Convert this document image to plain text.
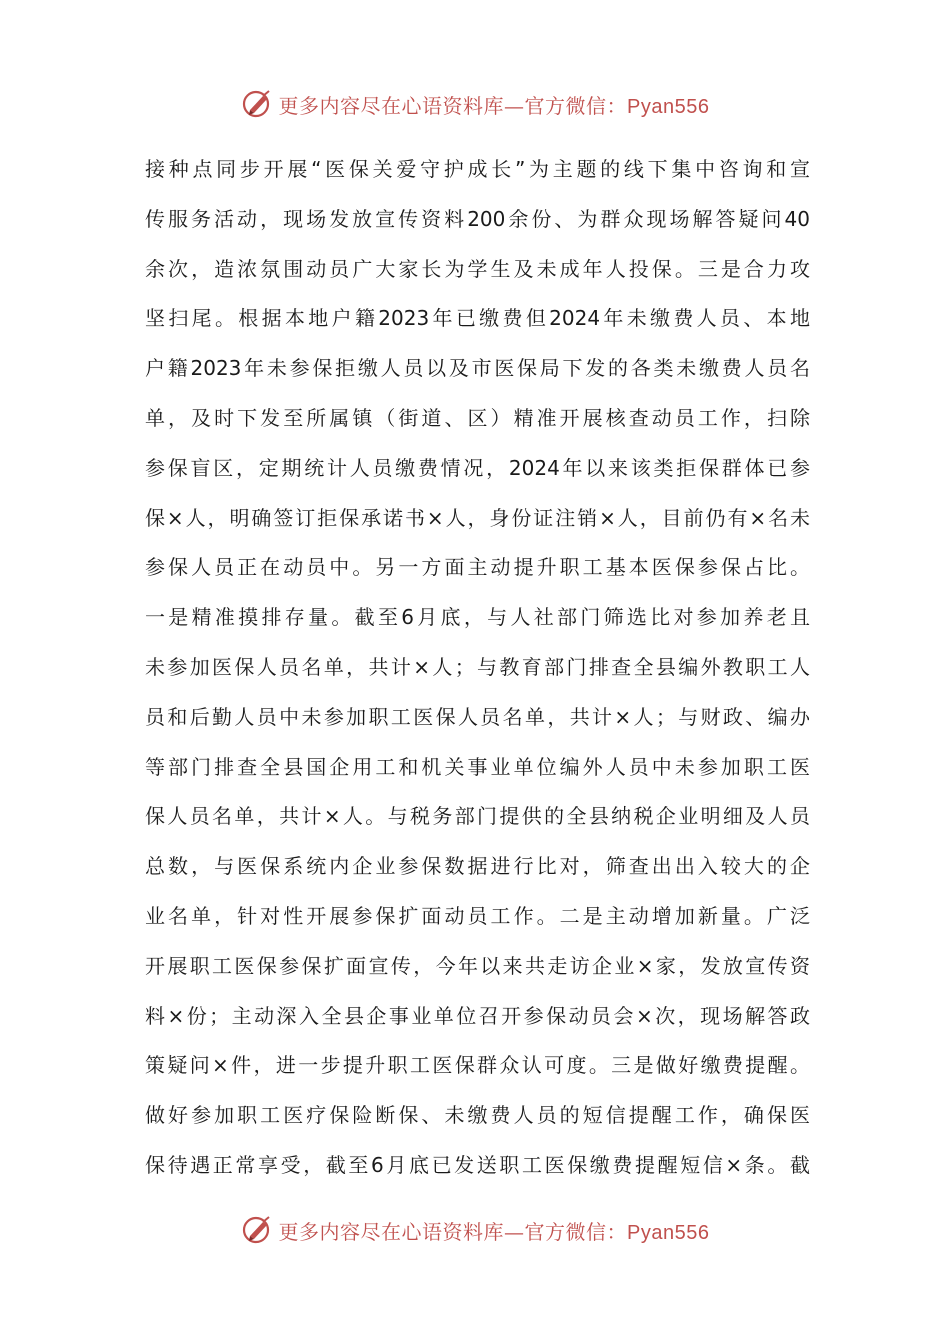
更多内容尽在心语资料库—官方微信：Pyan556
接种点同步开展“医保关爱守护成长”为主题的线下集中咨询和宣
传服务活动，现场发放宣传资料200余份、为群众现场解答疑问40
余次，造浓氛围动员广大家长为学生及未成年人投保。三是合力攻
坚扫尾。根据本地户籍2023年已缴费但2024年未缴费人员、本地
户籍2023年未参保拒缴人员以及市医保局下发的各类未缴费人员名
单，及时下发至所属镇（街道、区）精准开展核查动员工作，扫除
参保盲区，定期统计人员缴费情况，2024年以来该类拒保群体已参
保×人，明确签订拒保承诺书×人，身份证注销×人，目前仍有×名未
参保人员正在动员中。另一方面主动提升职工基本医保参保占比。
一是精准摸排存量。截至6月底，与人社部门筛选比对参加养老且
未参加医保人员名单，共计×人；与教育部门排查全县编外教职工人
员和后勤人员中未参加职工医保人员名单，共计×人；与财政、编办
等部门排查全县国企用工和机关事业单位编外人员中未参加职工医
保人员名单，共计×人。与税务部门提供的全县纳税企业明细及人员
总数，与医保系统内企业参保数据进行比对，筛查出出入较大的企
业名单，针对性开展参保扩面动员工作。二是主动增加新量。广泛
开展职工医保参保扩面宣传，今年以来共走访企业×家，发放宣传资
料×份；主动深入全县企事业单位召开参保动员会×次，现场解答政
策疑问×件，进一步提升职工医保群众认可度。三是做好缴费提醒。
做好参加职工医疗保险断保、未缴费人员的短信提醒工作，确保医
保待遇正常享受，截至6月底已发送职工医保缴费提醒短信×条。截
更多内容尽在心语资料库—官方微信：Pyan556
